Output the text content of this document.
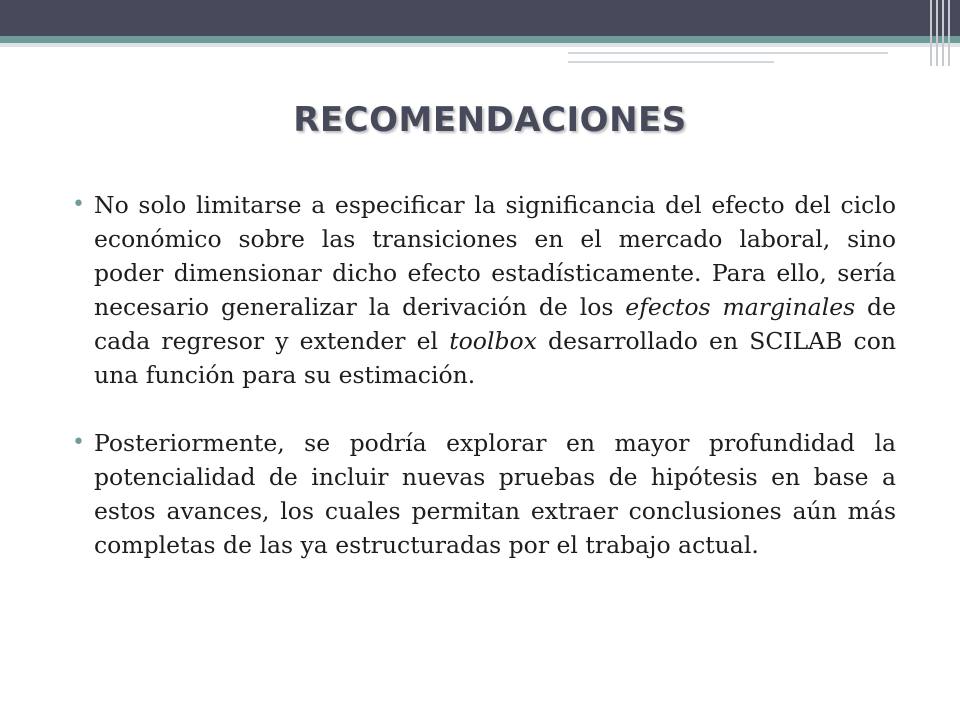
RECOMENDACIONES
• No solo limitarse a especificar la significancia del efecto del ciclo económico sobre las transiciones en el mercado laboral, sino poder dimensionar dicho efecto estadísticamente. Para ello, sería necesario generalizar la derivación de los efectos marginales de cada regresor y extender el toolbox desarrollado en SCILAB con una función para su estimación.
• Posteriormente, se podría explorar en mayor profundidad la potencialidad de incluir nuevas pruebas de hipótesis en base a estos avances, los cuales permitan extraer conclusiones aún más completas de las ya estructuradas por el trabajo actual.
